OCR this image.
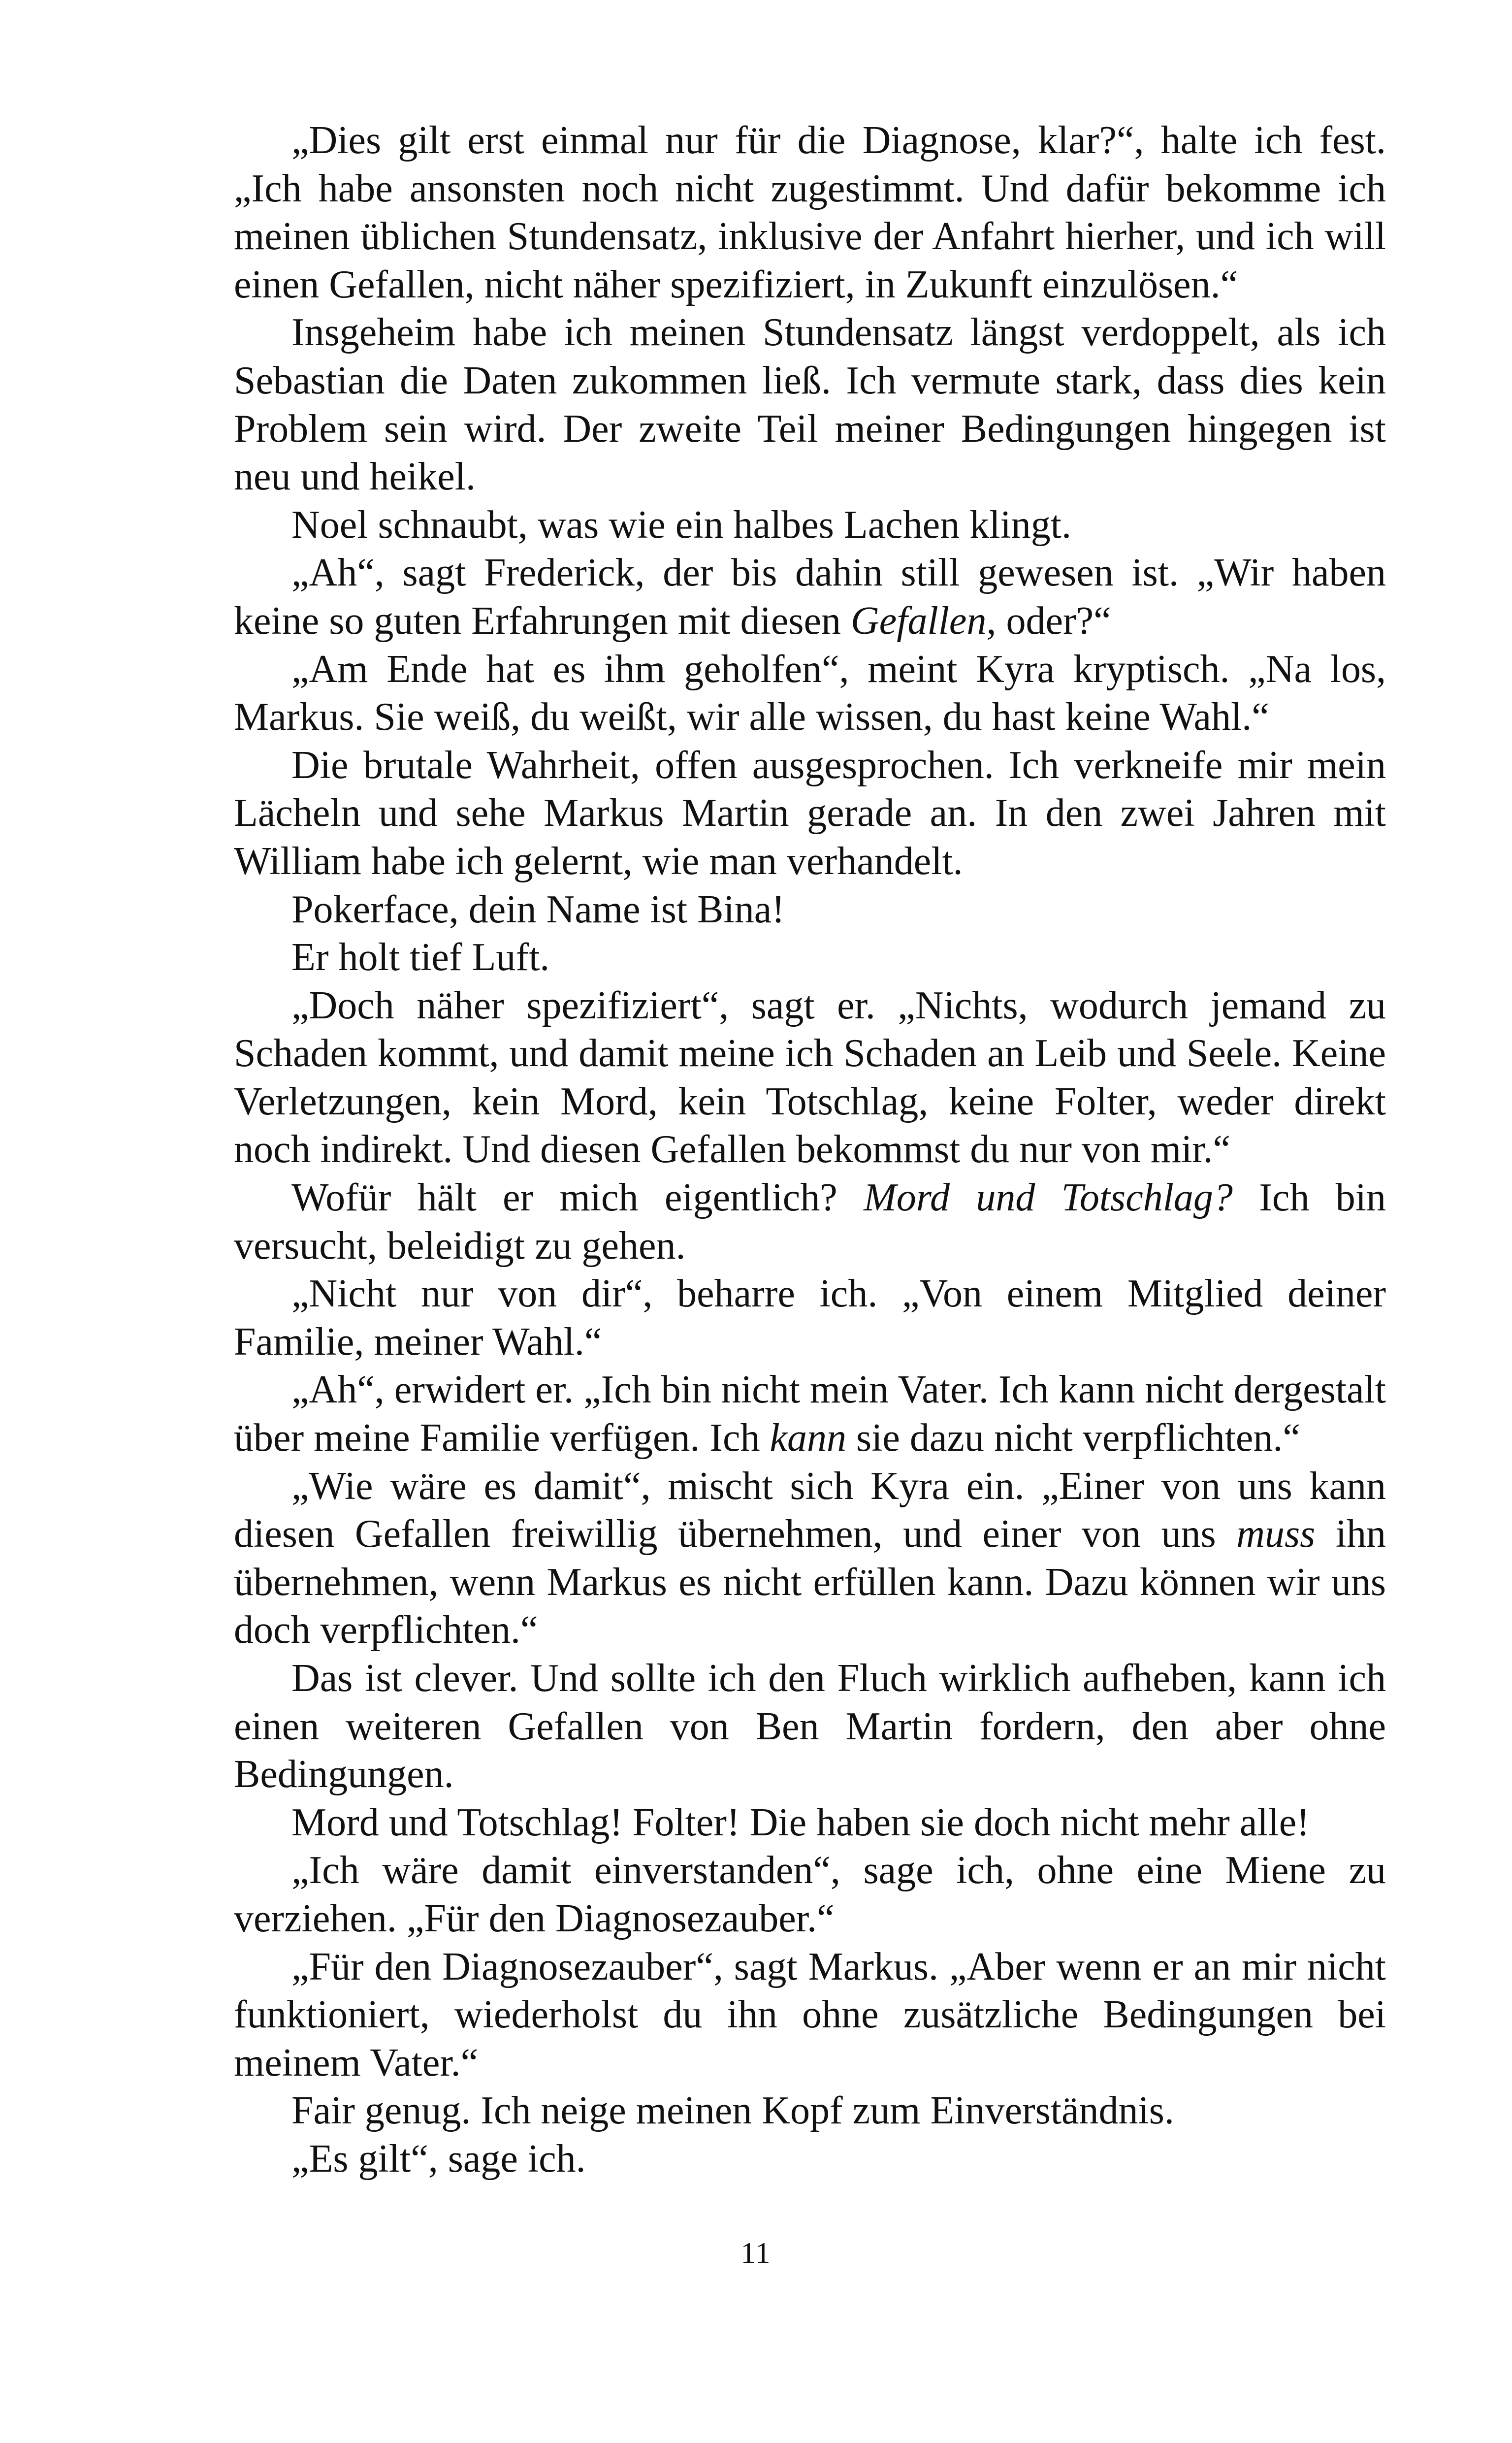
„Dies gilt erst einmal nur für die Diagnose, klar?“, halte ich fest. „Ich habe ansonsten noch nicht zugestimmt. Und dafür bekomme ich meinen üblichen Stundensatz, inklusive der Anfahrt hierher, und ich will einen Gefallen, nicht näher spezifiziert, in Zukunft einzulösen.“

Insgeheim habe ich meinen Stundensatz längst verdoppelt, als ich Sebastian die Daten zukommen ließ. Ich vermute stark, dass dies kein Problem sein wird. Der zweite Teil meiner Bedingungen hingegen ist neu und heikel.

Noel schnaubt, was wie ein halbes Lachen klingt.

„Ah“, sagt Frederick, der bis dahin still gewesen ist. „Wir haben keine so guten Erfahrungen mit diesen Gefallen, oder?“

„Am Ende hat es ihm geholfen“, meint Kyra kryptisch. „Na los, Markus. Sie weiß, du weißt, wir alle wissen, du hast keine Wahl.“

Die brutale Wahrheit, offen ausgesprochen. Ich verkneife mir mein Lächeln und sehe Markus Martin gerade an. In den zwei Jahren mit William habe ich gelernt, wie man verhandelt.

Pokerface, dein Name ist Bina!

Er holt tief Luft.

„Doch näher spezifiziert“, sagt er. „Nichts, wodurch jemand zu Schaden kommt, und damit meine ich Schaden an Leib und Seele. Keine Verletzungen, kein Mord, kein Totschlag, keine Folter, weder direkt noch indirekt. Und diesen Gefallen bekommst du nur von mir.“

Wofür hält er mich eigentlich? Mord und Totschlag? Ich bin versucht, beleidigt zu gehen.

„Nicht nur von dir“, beharre ich. „Von einem Mitglied deiner Familie, meiner Wahl.“

„Ah“, erwidert er. „Ich bin nicht mein Vater. Ich kann nicht dergestalt über meine Familie verfügen. Ich kann sie dazu nicht verpflichten.“

„Wie wäre es damit“, mischt sich Kyra ein. „Einer von uns kann diesen Gefallen freiwillig übernehmen, und einer von uns muss ihn übernehmen, wenn Markus es nicht erfüllen kann. Dazu können wir uns doch verpflichten.“

Das ist clever. Und sollte ich den Fluch wirklich aufheben, kann ich einen weiteren Gefallen von Ben Martin fordern, den aber ohne Bedingungen.

Mord und Totschlag! Folter! Die haben sie doch nicht mehr alle!

„Ich wäre damit einverstanden“, sage ich, ohne eine Miene zu verziehen. „Für den Diagnosezauber.“

„Für den Diagnosezauber“, sagt Markus. „Aber wenn er an mir nicht funktioniert, wiederholst du ihn ohne zusätzliche Bedingungen bei meinem Vater.“

Fair genug. Ich neige meinen Kopf zum Einverständnis.

„Es gilt“, sage ich.

11
